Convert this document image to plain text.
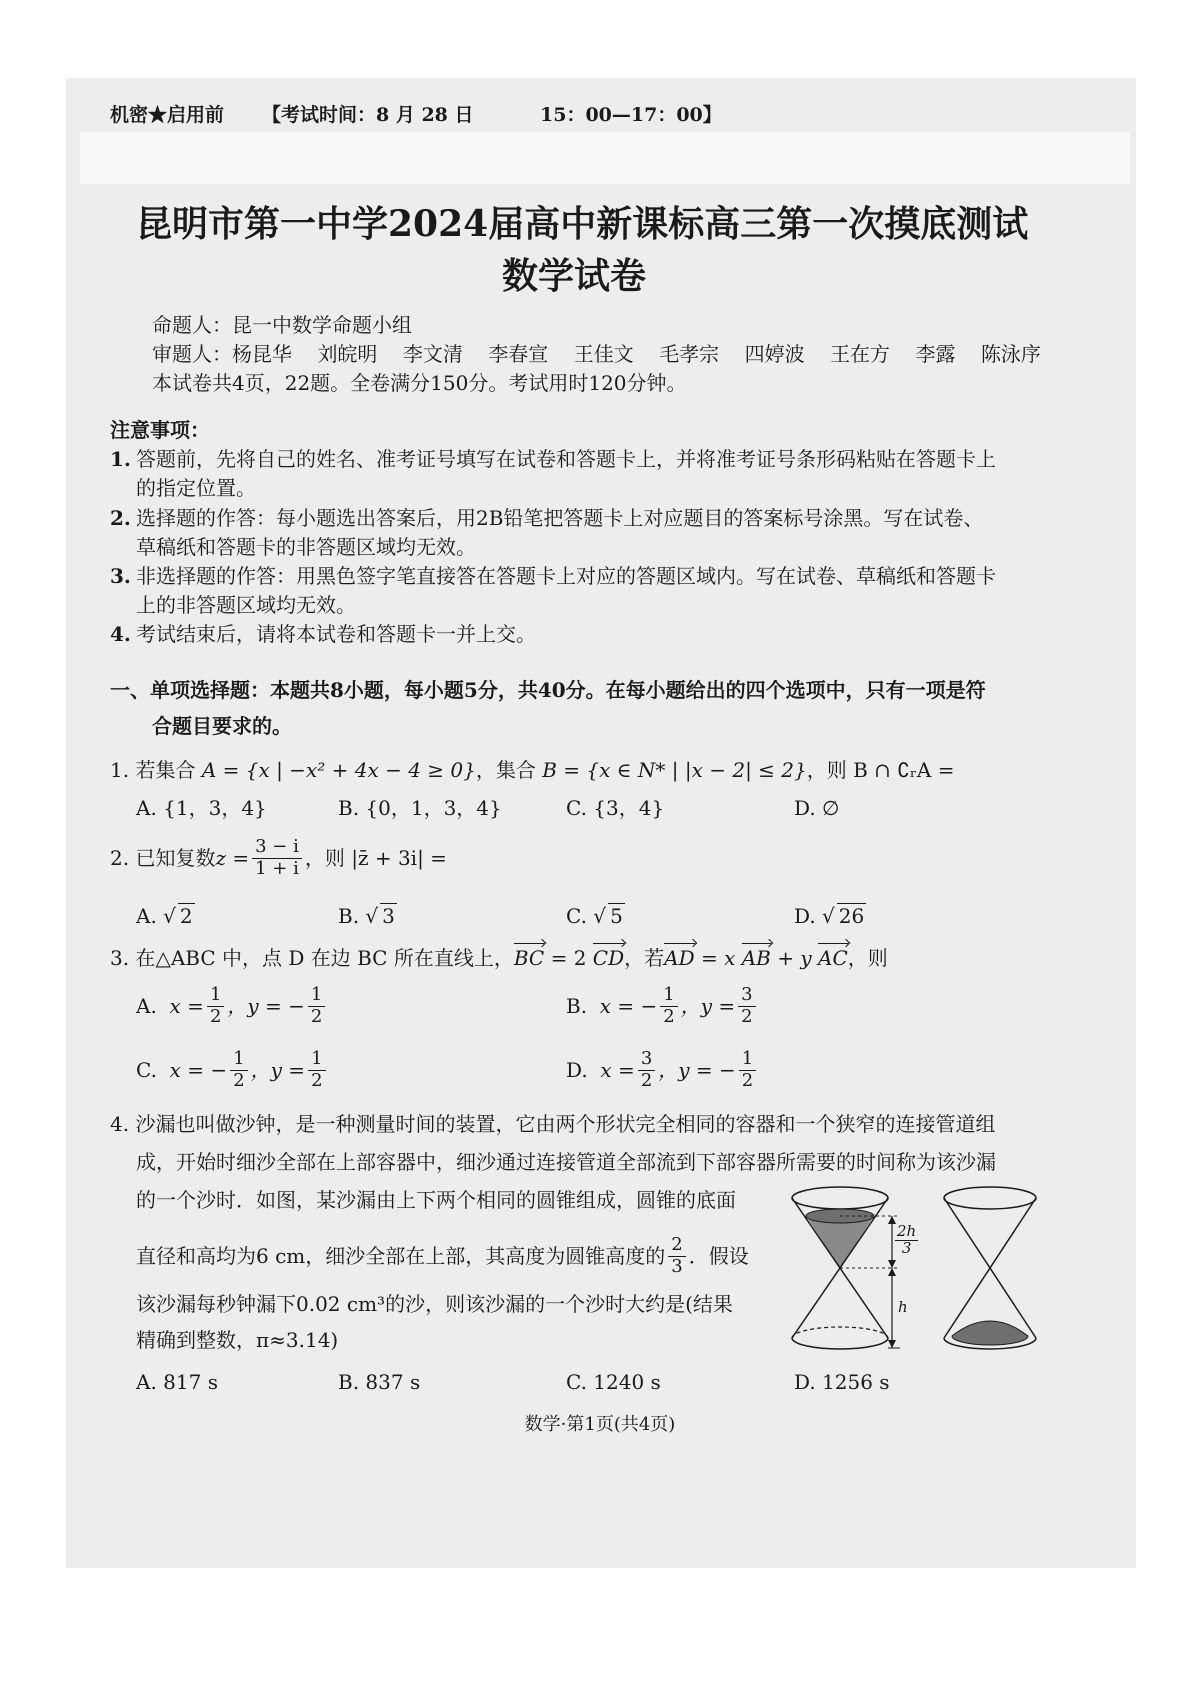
机密★启用前 【考试时间：8 月 28 日	15：00—17：00】
昆明市第一中学2024届高中新课标高三第一次摸底测试
数学试卷
命题人：昆一中数学命题小组
审题人：杨昆华 刘皖明 李文清 李春宣 王佳文 毛孝宗 四婷波 王在方 李露 陈泳序
本试卷共4页，22题。全卷满分150分。考试用时120分钟。
注意事项：
1. 答题前，先将自己的姓名、准考证号填写在试卷和答题卡上，并将准考证号条形码粘贴在答题卡上
的指定位置。
2. 选择题的作答：每小题选出答案后，用2B铅笔把答题卡上对应题目的答案标号涂黑。写在试卷、
草稿纸和答题卡的非答题区域均无效。
3. 非选择题的作答：用黑色签字笔直接答在答题卡上对应的答题区域内。写在试卷、草稿纸和答题卡
上的非答题区域均无效。
4. 考试结束后，请将本试卷和答题卡一并上交。
一、单项选择题：本题共8小题，每小题5分，共40分。在每小题给出的四个选项中，只有一项是符
合题目要求的。
1. 若集合 A = {x | −x² + 4x − 4 ≥ 0}，集合 B = {x ∈ N* | |x − 2| ≤ 2}，则 B ∩ ∁ᵣA =
A. {1，3，4}	B. {0，1，3，4}	C. {3，4}	D. ∅
2.
已知复数 $z = \frac{3 - i}{1 + i}$ ，则 |z̄ + 3i| =
A. √ 2	B. √ 3	C. √ 5	D. √ 26
3. 在△ABC 中，点 D 在边 BC 所在直线上，BC = 2 CD，若AD = x AB + y AC，则
A.
$x = \frac{1}{2}$ ，y = − $\frac{1}{2}$	B.
x = − $\frac{1}{2}$ ，$y = \frac{3}{2}$
C.
x = − $\frac{1}{2}$ ，$y = \frac{1}{2}$	D.
$x = \frac{3}{2}$ ，y = − $\frac{1}{2}$
4. 沙漏也叫做沙钟，是一种测量时间的装置，它由两个形状完全相同的容器和一个狭窄的连接管道组
成，开始时细沙全部在上部容器中，细沙通过连接管道全部流到下部容器所需要的时间称为该沙漏
的一个沙时．如图，某沙漏由上下两个相同的圆锥组成，圆锥的底面
直径和高均为6 cm，细沙全部在上部，其高度为圆锥高度的 $\frac{2}{3}$ ．假设
该沙漏每秒钟漏下0.02 cm³的沙，则该沙漏的一个沙时大约是(结果
精确到整数，π≈3.14)
A. 817 s	B. 837 s	C. 1240 s	D. 1256 s
$\frac{2h}{3}$
h
数学·第1页(共4页)
